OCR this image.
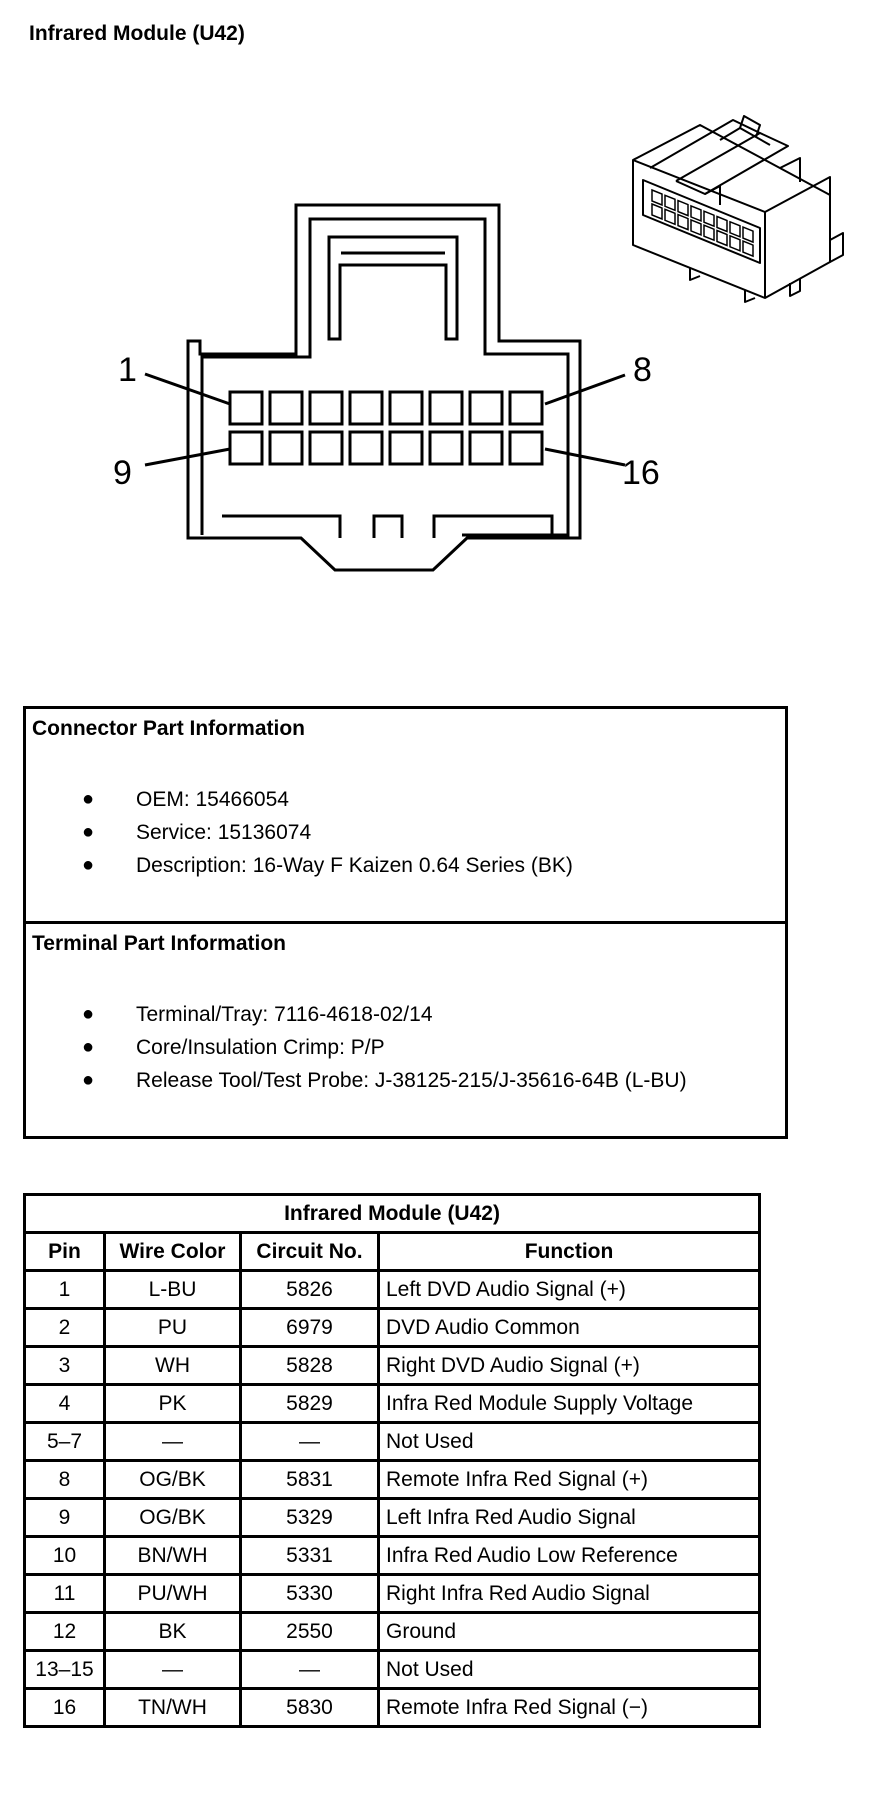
Infrared Module (U42)
1	8
9	16
Connector Part Information
● OEM: 15466054
● Service: 15136074
● Description: 16-Way F Kaizen 0.64 Series (BK)
Terminal Part Information
● Terminal/Tray: 7116-4618-02/14
● Core/Insulation Crimp: P/P
● Release Tool/Test Probe: J-38125-215/J-35616-64B (L-BU)
Infrared Module (U42)			
Pin	Wire Color	Circuit No.	Function
1	L-BU	5826	Left DVD Audio Signal (+)
2	PU	6979	DVD Audio Common
3	WH	5828	Right DVD Audio Signal (+)
4	PK	5829	Infra Red Module Supply Voltage
5–7	—	—	Not Used
8	OG/BK	5831	Remote Infra Red Signal (+)
9	OG/BK	5329	Left Infra Red Audio Signal
10	BN/WH	5331	Infra Red Audio Low Reference
11	PU/WH	5330	Right Infra Red Audio Signal
12	BK	2550	Ground
13–15	—	—	Not Used
16	TN/WH	5830	Remote Infra Red Signal (−)
